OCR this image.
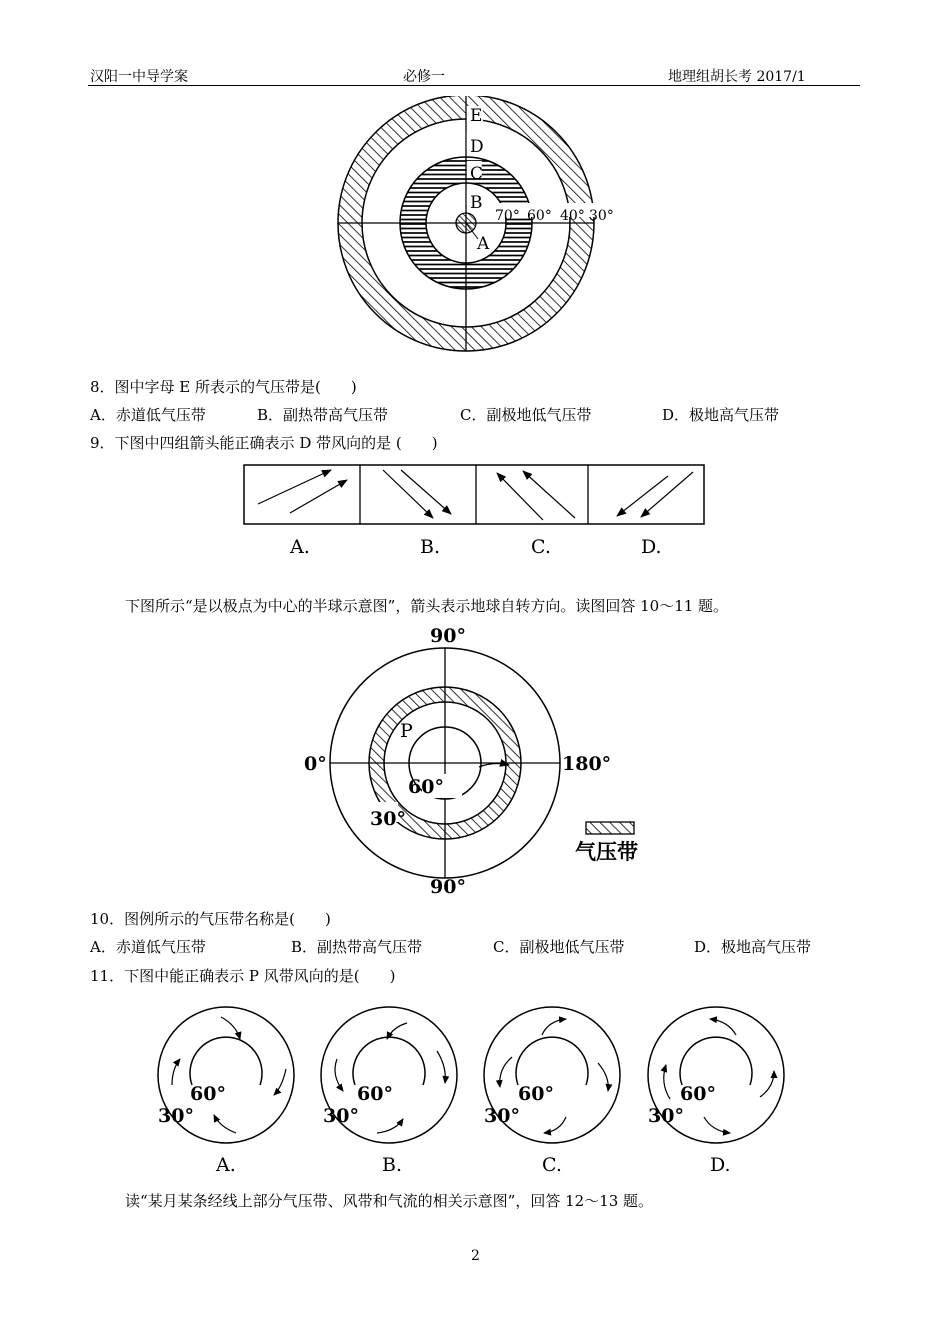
汉阳一中导学案	必修一	地理组胡长考 2017/1
E
D
C
B
A
70° 60° 40° 30°
8．图中字母 E 所表示的气压带是(　　)
A．赤道低气压带	B．副热带高气压带	C．副极地低气压带	D．极地高气压带
9．下图中四组箭头能正确表示 D 带风向的是 (　　)
A.	B.	C.	D.
下图所示“是以极点为中心的半球示意图”，箭头表示地球自转方向。读图回答 10～11 题。
90°
0°	180°
90°
P
60°
30°
气压带
10．图例所示的气压带名称是(　　)
A．赤道低气压带	B．副热带高气压带	C．副极地低气压带	D．极地高气压带
11．下图中能正确表示 P 风带风向的是(　　)
60°
30°
60°
30°
60°
30°
60°
30°
A.	B.	C.	D.
读“某月某条经线上部分气压带、风带和气流的相关示意图”，回答 12～13 题。
2
